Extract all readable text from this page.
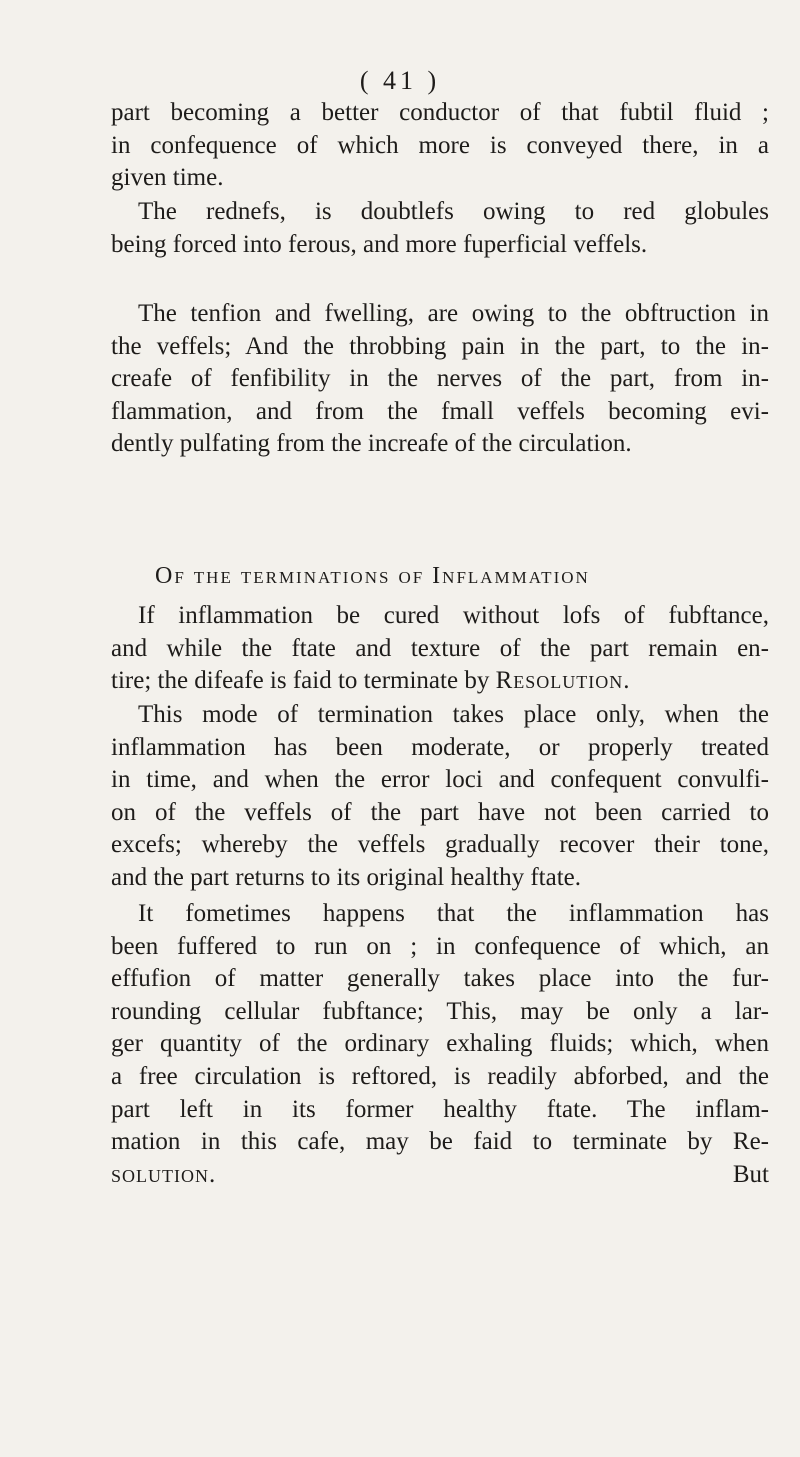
( 41 )
part becoming a better conductor of that fubtil fluid ;
in confequence of which more is conveyed there, in a
given time.
The rednefs, is doubtlefs owing to red globules
being forced into ferous, and more fuperficial veffels.
The tenfion and fwelling, are owing to the obftruction in
the veffels; And the throbbing pain in the part, to the in-
creafe of fenfibility in the nerves of the part, from in-
flammation, and from the fmall veffels becoming evi-
dently pulfating from the increafe of the circulation.
Of the terminations of Inflammation
If inflammation be cured without lofs of fubftance,
and while the ftate and texture of the part remain en-
tire; the difeafe is faid to terminate by Resolution.
This mode of termination takes place only, when the
inflammation has been moderate, or properly treated
in time, and when the error loci and confequent convulfi-
on of the veffels of the part have not been carried to
excefs; whereby the veffels gradually recover their tone,
and the part returns to its original healthy ftate.
It fometimes happens that the inflammation has
been fuffered to run on ; in confequence of which, an
effufion of matter generally takes place into the fur-
rounding cellular fubftance; This, may be only a lar-
ger quantity of the ordinary exhaling fluids; which, when
a free circulation is reftored, is readily abforbed, and the
part left in its former healthy ftate. The inflam-
mation in this cafe, may be faid to terminate by Re-
solution.	But
